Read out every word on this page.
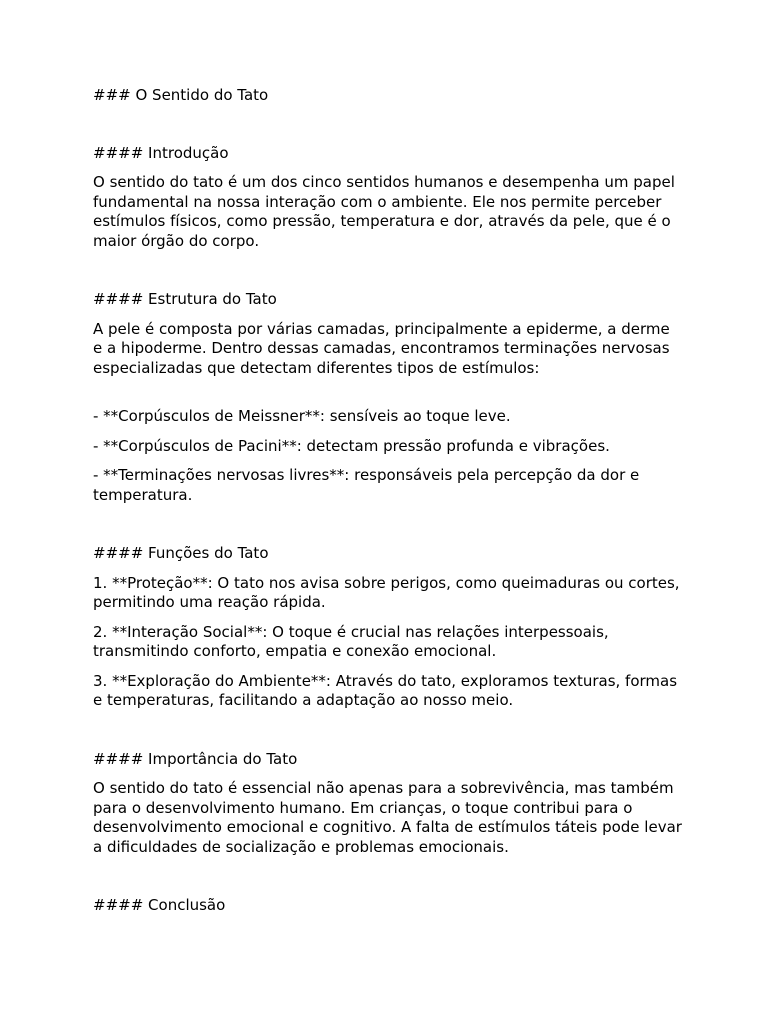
### O Sentido do Tato

#### Introdução

O sentido do tato é um dos cinco sentidos humanos e desempenha um papel fundamental na nossa interação com o ambiente. Ele nos permite perceber estímulos físicos, como pressão, temperatura e dor, através da pele, que é o maior órgão do corpo.

#### Estrutura do Tato

A pele é composta por várias camadas, principalmente a epiderme, a derme e a hipoderme. Dentro dessas camadas, encontramos terminações nervosas especializadas que detectam diferentes tipos de estímulos:

- **Corpúsculos de Meissner**: sensíveis ao toque leve.

- **Corpúsculos de Pacini**: detectam pressão profunda e vibrações.

- **Terminações nervosas livres**: responsáveis pela percepção da dor e temperatura.

#### Funções do Tato

1. **Proteção**: O tato nos avisa sobre perigos, como queimaduras ou cortes, permitindo uma reação rápida.

2. **Interação Social**: O toque é crucial nas relações interpessoais, transmitindo conforto, empatia e conexão emocional.

3. **Exploração do Ambiente**: Através do tato, exploramos texturas, formas e temperaturas, facilitando a adaptação ao nosso meio.

#### Importância do Tato

O sentido do tato é essencial não apenas para a sobrevivência, mas também para o desenvolvimento humano. Em crianças, o toque contribui para o desenvolvimento emocional e cognitivo. A falta de estímulos táteis pode levar a dificuldades de socialização e problemas emocionais.

#### Conclusão
